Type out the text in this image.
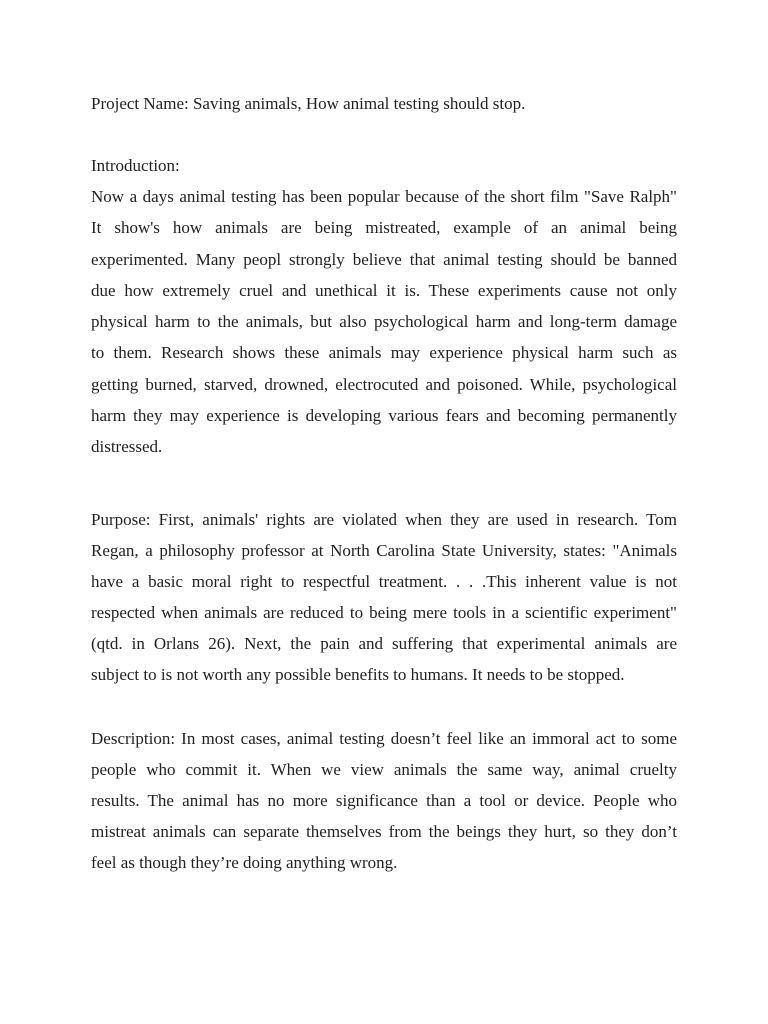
Project Name: Saving animals, How animal testing should stop.
Introduction:
Now a days animal testing has been popular because of the short film "Save Ralph"
It show's how animals are being mistreated, example of an animal being
experimented. Many peopl strongly believe that animal testing should be banned
due how extremely cruel and unethical it is. These experiments cause not only
physical harm to the animals, but also psychological harm and long-term damage
to them. Research shows these animals may experience physical harm such as
getting burned, starved, drowned, electrocuted and poisoned. While, psychological
harm they may experience is developing various fears and becoming permanently
distressed.
Purpose: First, animals' rights are violated when they are used in research. Tom
Regan, a philosophy professor at North Carolina State University, states: "Animals
have a basic moral right to respectful treatment. . . .This inherent value is not
respected when animals are reduced to being mere tools in a scientific experiment"
(qtd. in Orlans 26). Next, the pain and suffering that experimental animals are
subject to is not worth any possible benefits to humans. It needs to be stopped.
Description: In most cases, animal testing doesn’t feel like an immoral act to some
people who commit it. When we view animals the same way, animal cruelty
results. The animal has no more significance than a tool or device. People who
mistreat animals can separate themselves from the beings they hurt, so they don’t
feel as though they’re doing anything wrong.
